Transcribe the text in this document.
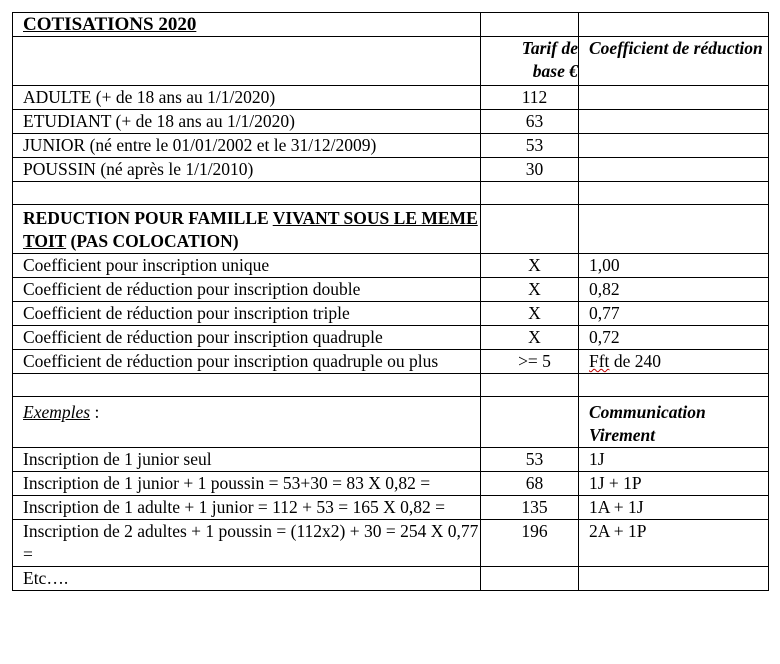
COTISATIONS 2020		
	Tarif de base €	Coefficient de réduction
ADULTE (+ de 18 ans au 1/1/2020)	112	
ETUDIANT (+ de 18 ans au 1/1/2020)	63	
JUNIOR (né entre le 01/01/2002 et le 31/12/2009)	53	
POUSSIN (né après le 1/1/2010)	30	

REDUCTION POUR FAMILLE VIVANT SOUS LE MEME TOIT (PAS COLOCATION)		
Coefficient pour inscription unique	X	1,00
Coefficient de réduction pour inscription double	X	0,82
Coefficient de réduction pour inscription triple	X	0,77
Coefficient de réduction pour inscription quadruple	X	0,72
Coefficient de réduction pour inscription quadruple ou plus	>= 5	Fft de 240

Exemples :		Communication Virement
Inscription de 1 junior seul	53	1J
Inscription de 1 junior + 1 poussin = 53+30 = 83 X 0,82 =	68	1J + 1P
Inscription de 1 adulte + 1 junior = 112 + 53 = 165 X 0,82 =	135	1A + 1J
Inscription de 2 adultes + 1 poussin = (112x2) + 30 = 254 X 0,77 =	196	2A + 1P
Etc….		
